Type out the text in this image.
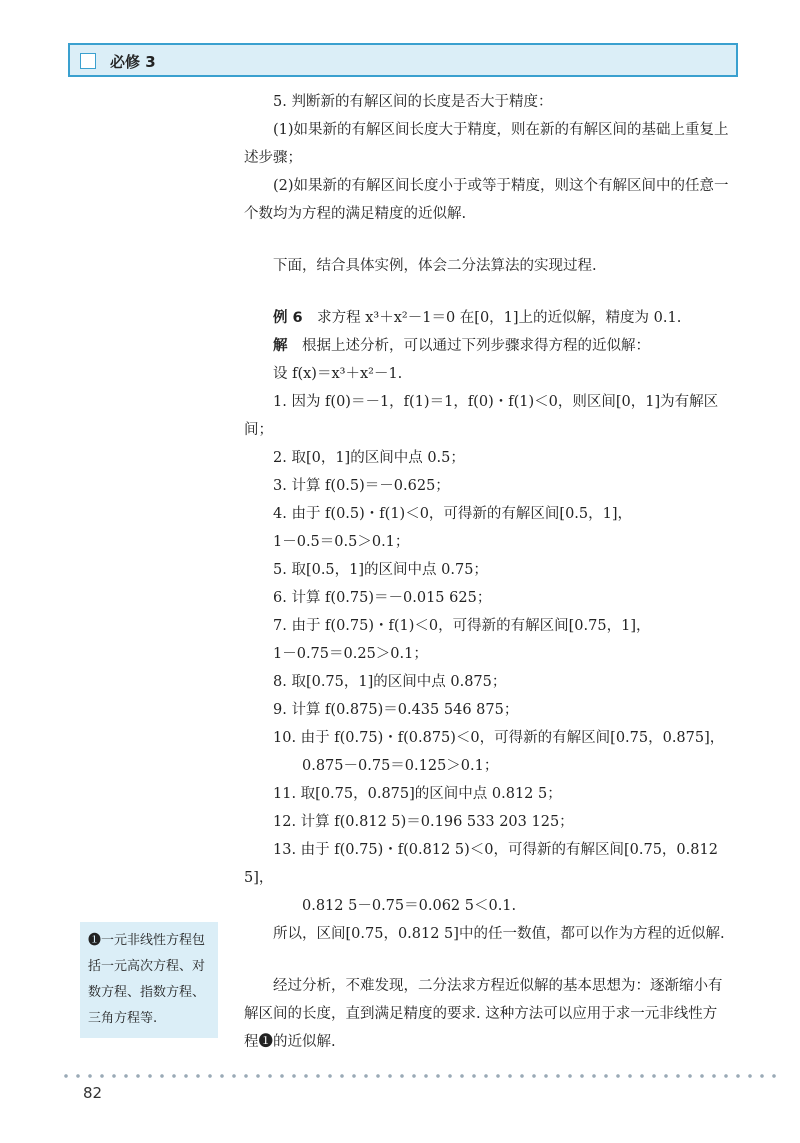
必修 3

5. 判断新的有解区间的长度是否大于精度：

(1)如果新的有解区间长度大于精度，则在新的有解区间的基础上重复上述步骤；

(2)如果新的有解区间长度小于或等于精度，则这个有解区间中的任意一个数均为方程的满足精度的近似解.

下面，结合具体实例，体会二分法算法的实现过程.

例 6　 求方程 x³＋x²－1＝0 在[0，1]上的近似解，精度为 0.1.

解　 根据上述分析，可以通过下列步骤求得方程的近似解：

设 f(x)＝x³＋x²－1.

1. 因为 f(0)＝－1，f(1)＝1，f(0)・f(1)＜0，则区间[0，1]为有解区间；

2. 取[0，1]的区间中点 0.5；

3. 计算 f(0.5)＝－0.625；

4. 由于 f(0.5)・f(1)＜0，可得新的有解区间[0.5，1]，

1－0.5＝0.5＞0.1；

5. 取[0.5，1]的区间中点 0.75；

6. 计算 f(0.75)＝－0.015 625；

7. 由于 f(0.75)・f(1)＜0，可得新的有解区间[0.75，1]，

1－0.75＝0.25＞0.1；

8. 取[0.75，1]的区间中点 0.875；

9. 计算 f(0.875)＝0.435 546 875；

10. 由于 f(0.75)・f(0.875)＜0，可得新的有解区间[0.75，0.875]，

0.875－0.75＝0.125＞0.1；

11. 取[0.75，0.875]的区间中点 0.812 5；

12. 计算 f(0.812 5)＝0.196 533 203 125；

13. 由于 f(0.75)・f(0.812 5)＜0，可得新的有解区间[0.75，0.812 5]，

0.812 5－0.75＝0.062 5＜0.1.

所以，区间[0.75，0.812 5]中的任一数值，都可以作为方程的近似解.

经过分析，不难发现，二分法求方程近似解的基本思想为：逐渐缩小有解区间的长度，直到满足精度的要求. 这种方法可以应用于求一元非线性方程❶的近似解.

❶一元非线性方程包括一元高次方程、对数方程、指数方程、三角方程等.
82
